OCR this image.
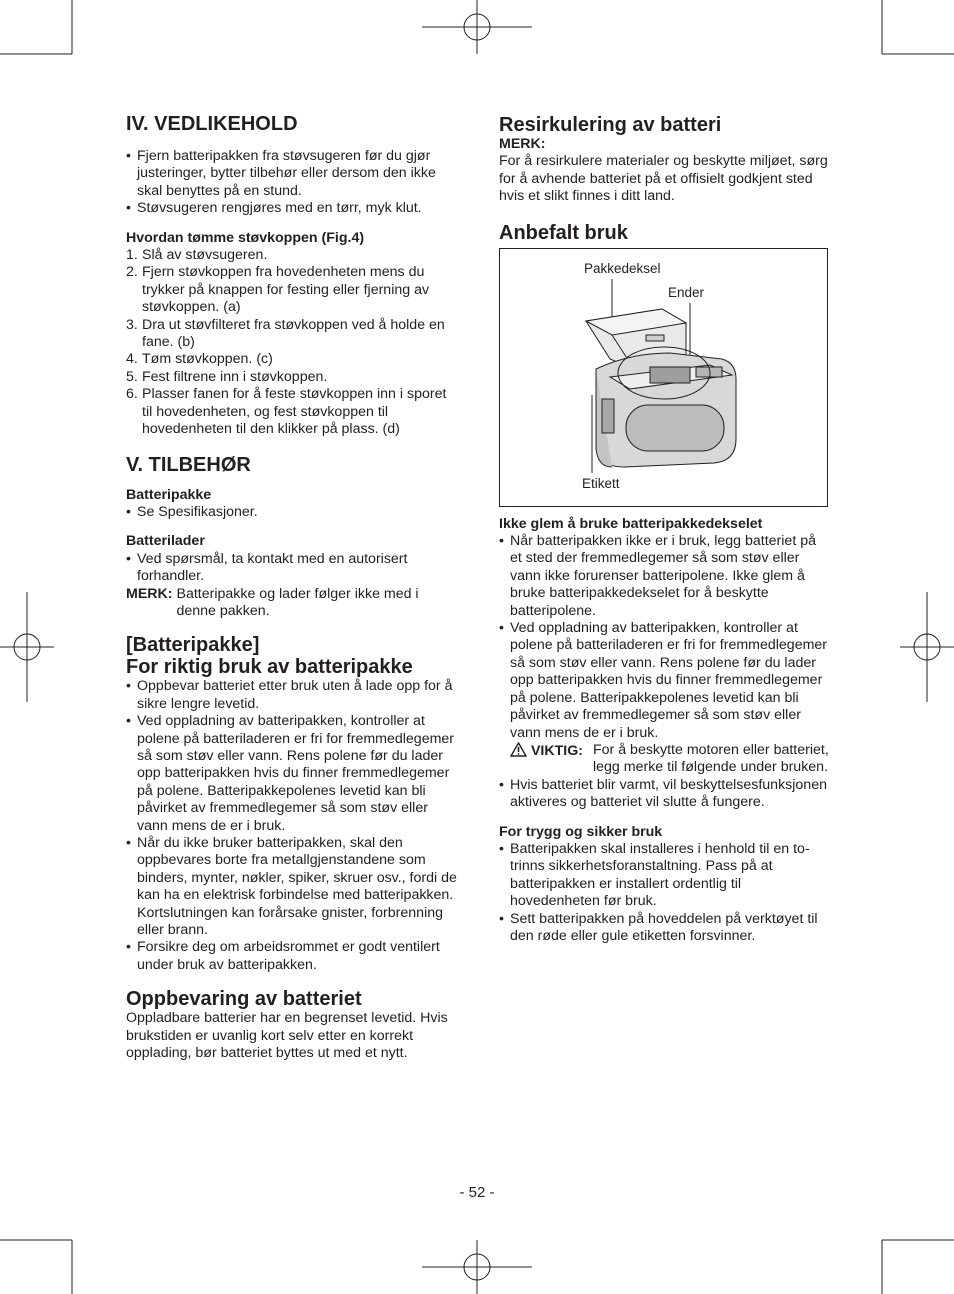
IV. VEDLIKEHOLD
• Fjern batteripakken fra støvsugeren før du gjør justeringer, bytter tilbehør eller dersom den ikke skal benyttes på en stund.
• Støvsugeren rengjøres med en tørr, myk klut.
Hvordan tømme støvkoppen (Fig.4)
1. Slå av støvsugeren.
2. Fjern støvkoppen fra hovedenheten mens du trykker på knappen for festing eller fjerning av støvkoppen. (a)
3. Dra ut støvfilteret fra støvkoppen ved å holde en fane. (b)
4. Tøm støvkoppen. (c)
5. Fest filtrene inn i støvkoppen.
6. Plasser fanen for å feste støvkoppen inn i sporet til hovedenheten, og fest støvkoppen til hovedenheten til den klikker på plass. (d)
V. TILBEHØR
Batteripakke
• Se Spesifikasjoner.
Batterilader
• Ved spørsmål, ta kontakt med en autorisert forhandler.
MERK: Batteripakke og lader følger ikke med i denne pakken.
[Batteripakke]
For riktig bruk av batteripakke
• Oppbevar batteriet etter bruk uten å lade opp for å sikre lengre levetid.
• Ved oppladning av batteripakken, kontroller at polene på batteriladeren er fri for fremmedlegemer så som støv eller vann. Rens polene før du lader opp batteripakken hvis du finner fremmedlegemer på polene. Batteripakkepolenes levetid kan bli påvirket av fremmedlegemer så som støv eller vann mens de er i bruk.
• Når du ikke bruker batteripakken, skal den oppbevares borte fra metallgjenstandene som binders, mynter, nøkler, spiker, skruer osv., fordi de kan ha en elektrisk forbindelse med batteripakken. Kortslutningen kan forårsake gnister, forbrenning eller brann.
• Forsikre deg om arbeidsrommet er godt ventilert under bruk av batteripakken.
Oppbevaring av batteriet

Oppladbare batterier har en begrenset levetid. Hvis brukstiden er uvanlig kort selv etter en korrekt opplading, bør batteriet byttes ut med et nytt.

Resirkulering av batteri
MERK:

For å resirkulere materialer og beskytte miljøet, sørg for å avhende batteriet på et offisielt godkjent sted hvis et slikt finnes i ditt land.

Anbefalt bruk
Pakkedeksel
Ender
Etikett
Ikke glem å bruke batteripakkedekselet
• Når batteripakken ikke er i bruk, legg batteriet på et sted der fremmedlegemer så som støv eller vann ikke forurenser batteripolene. Ikke glem å bruke batteripakkedekselet for å beskytte batteripolene.
• Ved oppladning av batteripakken, kontroller at polene på batteriladeren er fri for fremmedlegemer så som støv eller vann. Rens polene før du lader opp batteripakken hvis du finner fremmedlegemer på polene. Batteripakkepolenes levetid kan bli påvirket av fremmedlegemer så som støv eller vann mens de er i bruk.
VIKTIG: For å beskytte motoren eller batteriet, legg merke til følgende under bruken.
• Hvis batteriet blir varmt, vil beskyttelsesfunksjonen aktiveres og batteriet vil slutte å fungere.
For trygg og sikker bruk
• Batteripakken skal installeres i henhold til en to-trinns sikkerhetsforanstaltning. Pass på at batteripakken er installert ordentlig til hovedenheten før bruk.
• Sett batteripakken på hoveddelen på verktøyet til den røde eller gule etiketten forsvinner.
- 52 -
